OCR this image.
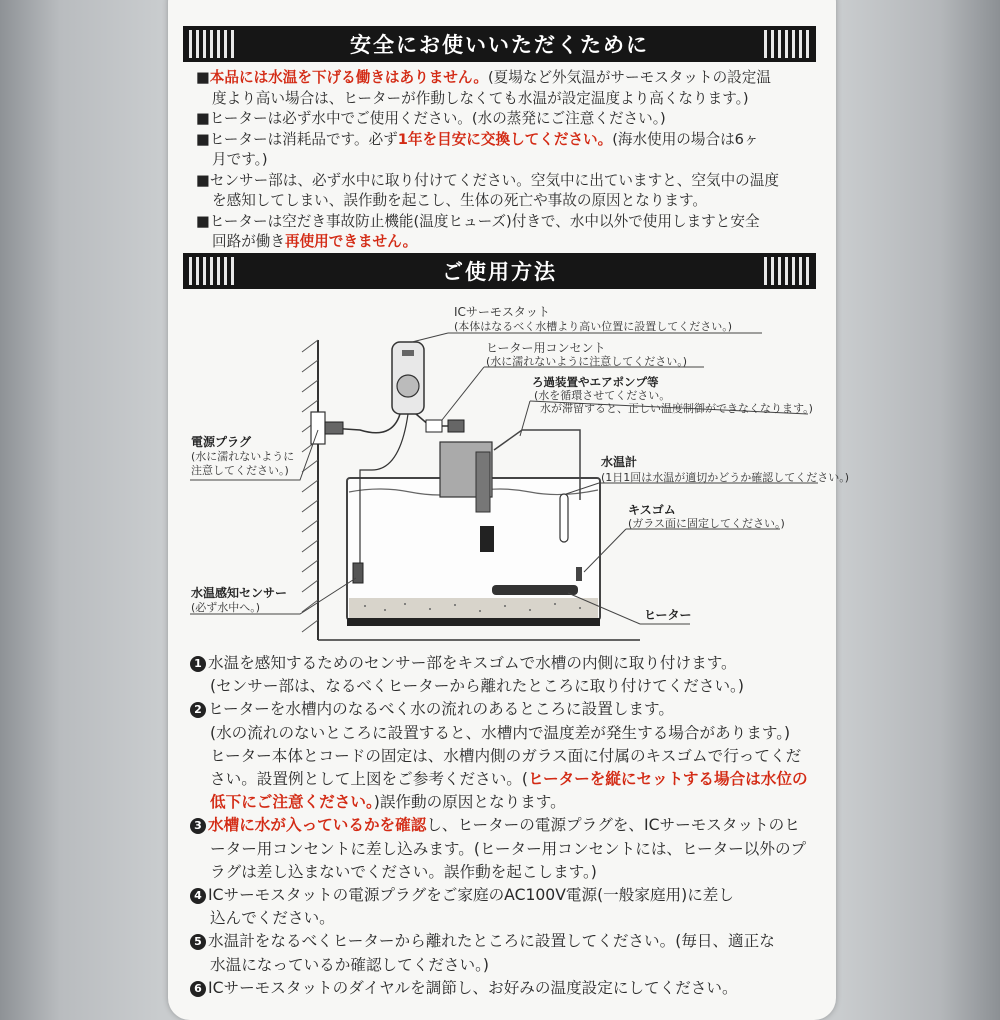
安全にお使いいただくために
■本品には水温を下げる働きはありません。(夏場など外気温がサーモスタットの設定温
度より高い場合は、ヒーターが作動しなくても水温が設定温度より高くなります。)
■ヒーターは必ず水中でご使用ください。(水の蒸発にご注意ください。)
■ヒーターは消耗品です。必ず1年を目安に交換してください。(海水使用の場合は6ヶ
月です。)
■センサー部は、必ず水中に取り付けてください。空気中に出ていますと、空気中の温度
を感知してしまい、誤作動を起こし、生体の死亡や事故の原因となります。
■ヒーターは空だき事故防止機能(温度ヒューズ)付きで、水中以外で使用しますと安全
回路が働き再使用できません。
ご使用方法
ICサーモスタット
(本体はなるべく水槽より高い位置に設置してください。)
ヒーター用コンセント
(水に濡れないように注意してください。)
ろ過装置やエアポンプ等
(水を循環させてください。
水が滞留すると、正しい温度制御ができなくなります。)
電源プラグ
(水に濡れないように
注意してください。)
水温計
(1日1回は水温が適切かどうか確認してください。)
キスゴム
(ガラス面に固定してください。)
水温感知センサー
(必ず水中へ。)
ヒーター
1 水温を感知するためのセンサー部をキスゴムで水槽の内側に取り付けます。
(センサー部は、なるべくヒーターから離れたところに取り付けてください。)
2 ヒーターを水槽内のなるべく水の流れのあるところに設置します。
(水の流れのないところに設置すると、水槽内で温度差が発生する場合があります。)
ヒーター本体とコードの固定は、水槽内側のガラス面に付属のキスゴムで行ってくだ
さい。設置例として上図をご参考ください。(ヒーターを縦にセットする場合は水位の
低下にご注意ください。)誤作動の原因となります。
3 水槽に水が入っているかを確認し、ヒーターの電源プラグを、ICサーモスタットのヒ
ーター用コンセントに差し込みます。(ヒーター用コンセントには、ヒーター以外のプ
ラグは差し込まないでください。誤作動を起こします。)
4 ICサーモスタットの電源プラグをご家庭のAC100V電源(一般家庭用)に差し
込んでください。
5 水温計をなるべくヒーターから離れたところに設置してください。(毎日、適正な
水温になっているか確認してください。)
6 ICサーモスタットのダイヤルを調節し、お好みの温度設定にしてください。
